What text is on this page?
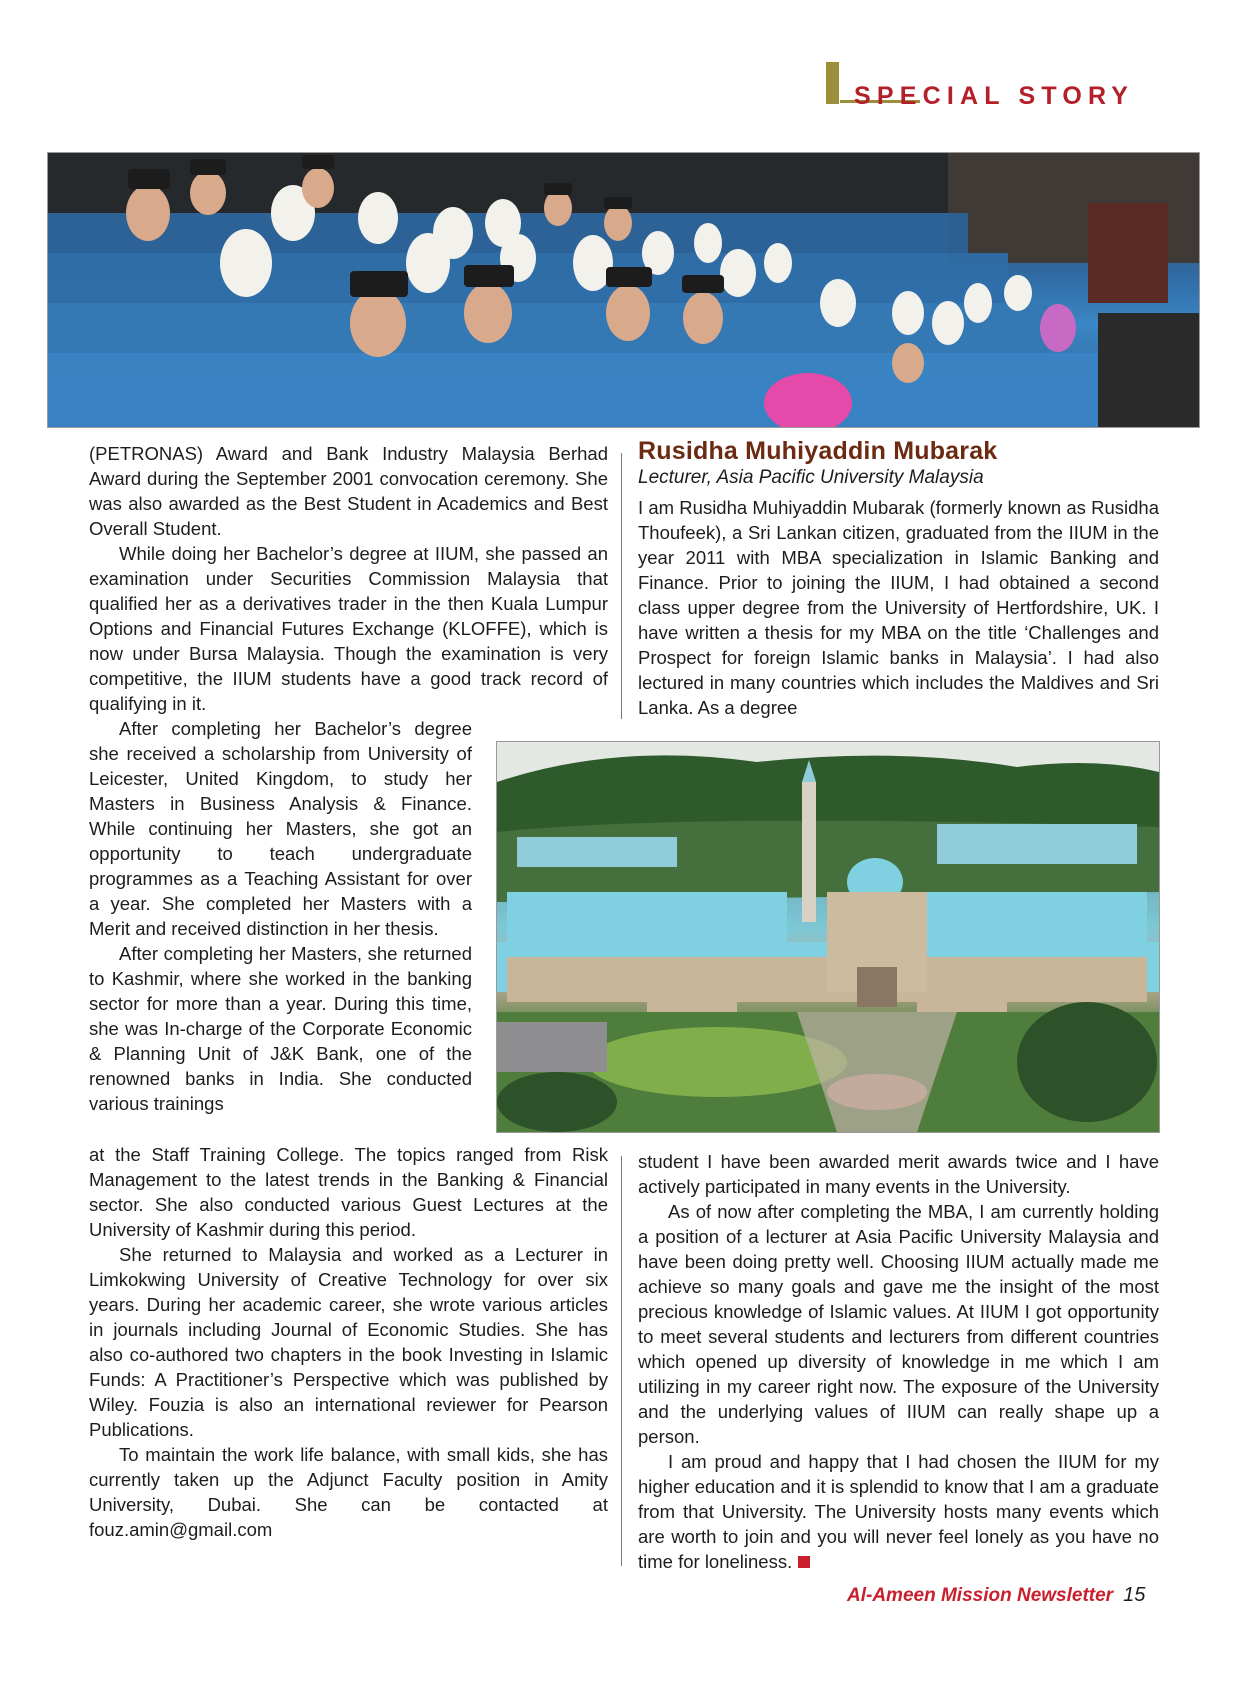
SPECIAL STORY

(PETRONAS) Award and Bank Industry Malaysia Berhad Award during the September 2001 convocation ceremony. She was also awarded as the Best Student in Academics and Best Overall Student.

While doing her Bachelor’s degree at IIUM, she passed an examination under Securities Commission Malaysia that qualified her as a derivatives trader in the then Kuala Lumpur Options and Financial Futures Exchange (KLOFFE), which is now under Bursa Malaysia. Though the examination is very competitive, the IIUM students have a good track record of qualifying in it.

After completing her Bachelor’s degree she received a scholarship from University of Leicester, United Kingdom, to study her Masters in Business Analysis & Finance. While continuing her Masters, she got an opportunity to teach undergraduate programmes as a Teaching Assistant for over a year. She completed her Masters with a Merit and received distinction in her thesis.

After completing her Masters, she returned to Kashmir, where she worked in the banking sector for more than a year. During this time, she was In-charge of the Corporate Economic & Planning Unit of J&K Bank, one of the renowned banks in India. She conducted various trainings

at the Staff Training College. The topics ranged from Risk Management to the latest trends in the Banking & Financial sector. She also conducted various Guest Lectures at the University of Kashmir during this period.

She returned to Malaysia and worked as a Lecturer in Limkokwing University of Creative Technology for over six years. During her academic career, she wrote various articles in journals including Journal of Economic Studies. She has also co-authored two chapters in the book Investing in Islamic Funds: A Practitioner’s Perspective which was published by Wiley. Fouzia is also an international reviewer for Pearson Publications.

To maintain the work life balance, with small kids, she has currently taken up the Adjunct Faculty position in Amity University, Dubai. She can be contacted at fouz.amin@gmail.com

Rusidha Muhiyaddin Mubarak
Lecturer, Asia Pacific University Malaysia

I am Rusidha Muhiyaddin Mubarak (formerly known as Rusidha Thoufeek), a Sri Lankan citizen, graduated from the IIUM in the year 2011 with MBA specialization in Islamic Banking and Finance. Prior to joining the IIUM, I had obtained a second class upper degree from the University of Hertfordshire, UK. I have written a thesis for my MBA on the title ‘Challenges and Prospect for foreign Islamic banks in Malaysia’. I had also lectured in many countries which includes the Maldives and Sri Lanka. As a degree

student I have been awarded merit awards twice and I have actively participated in many events in the University.

As of now after completing the MBA, I am currently holding a position of a lecturer at Asia Pacific University Malaysia and have been doing pretty well. Choosing IIUM actually made me achieve so many goals and gave me the insight of the most precious knowledge of Islamic values. At IIUM I got opportunity to meet several students and lecturers from different countries which opened up diversity of knowledge in me which I am utilizing in my career right now. The exposure of the University and the underlying values of IIUM can really shape up a person.

I am proud and happy that I had chosen the IIUM for my higher education and it is splendid to know that I am a graduate from that University. The University hosts many events which are worth to join and you will never feel lonely as you have no time for loneliness.

Al-Ameen Mission Newsletter 15
